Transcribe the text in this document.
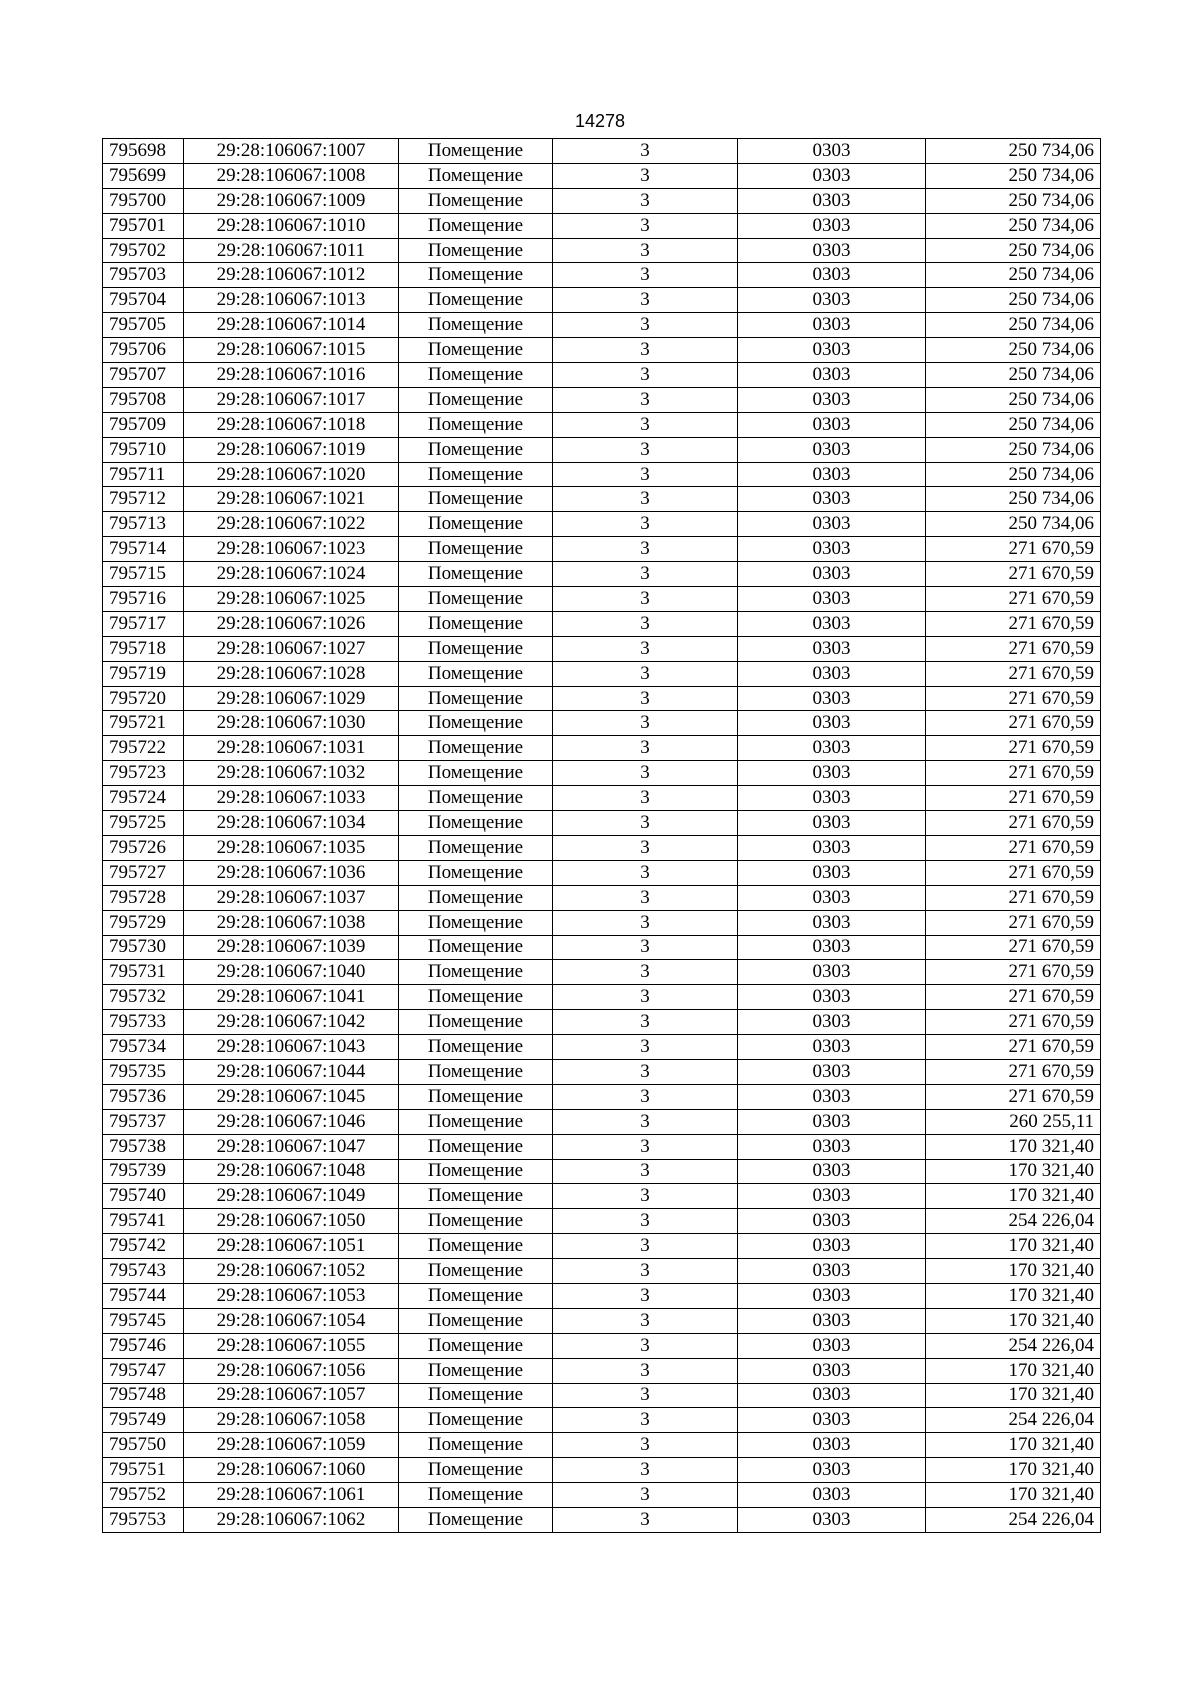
14278
795698	29:28:106067:1007	Помещение	3	0303	250 734,06
795699	29:28:106067:1008	Помещение	3	0303	250 734,06
795700	29:28:106067:1009	Помещение	3	0303	250 734,06
795701	29:28:106067:1010	Помещение	3	0303	250 734,06
795702	29:28:106067:1011	Помещение	3	0303	250 734,06
795703	29:28:106067:1012	Помещение	3	0303	250 734,06
795704	29:28:106067:1013	Помещение	3	0303	250 734,06
795705	29:28:106067:1014	Помещение	3	0303	250 734,06
795706	29:28:106067:1015	Помещение	3	0303	250 734,06
795707	29:28:106067:1016	Помещение	3	0303	250 734,06
795708	29:28:106067:1017	Помещение	3	0303	250 734,06
795709	29:28:106067:1018	Помещение	3	0303	250 734,06
795710	29:28:106067:1019	Помещение	3	0303	250 734,06
795711	29:28:106067:1020	Помещение	3	0303	250 734,06
795712	29:28:106067:1021	Помещение	3	0303	250 734,06
795713	29:28:106067:1022	Помещение	3	0303	250 734,06
795714	29:28:106067:1023	Помещение	3	0303	271 670,59
795715	29:28:106067:1024	Помещение	3	0303	271 670,59
795716	29:28:106067:1025	Помещение	3	0303	271 670,59
795717	29:28:106067:1026	Помещение	3	0303	271 670,59
795718	29:28:106067:1027	Помещение	3	0303	271 670,59
795719	29:28:106067:1028	Помещение	3	0303	271 670,59
795720	29:28:106067:1029	Помещение	3	0303	271 670,59
795721	29:28:106067:1030	Помещение	3	0303	271 670,59
795722	29:28:106067:1031	Помещение	3	0303	271 670,59
795723	29:28:106067:1032	Помещение	3	0303	271 670,59
795724	29:28:106067:1033	Помещение	3	0303	271 670,59
795725	29:28:106067:1034	Помещение	3	0303	271 670,59
795726	29:28:106067:1035	Помещение	3	0303	271 670,59
795727	29:28:106067:1036	Помещение	3	0303	271 670,59
795728	29:28:106067:1037	Помещение	3	0303	271 670,59
795729	29:28:106067:1038	Помещение	3	0303	271 670,59
795730	29:28:106067:1039	Помещение	3	0303	271 670,59
795731	29:28:106067:1040	Помещение	3	0303	271 670,59
795732	29:28:106067:1041	Помещение	3	0303	271 670,59
795733	29:28:106067:1042	Помещение	3	0303	271 670,59
795734	29:28:106067:1043	Помещение	3	0303	271 670,59
795735	29:28:106067:1044	Помещение	3	0303	271 670,59
795736	29:28:106067:1045	Помещение	3	0303	271 670,59
795737	29:28:106067:1046	Помещение	3	0303	260 255,11
795738	29:28:106067:1047	Помещение	3	0303	170 321,40
795739	29:28:106067:1048	Помещение	3	0303	170 321,40
795740	29:28:106067:1049	Помещение	3	0303	170 321,40
795741	29:28:106067:1050	Помещение	3	0303	254 226,04
795742	29:28:106067:1051	Помещение	3	0303	170 321,40
795743	29:28:106067:1052	Помещение	3	0303	170 321,40
795744	29:28:106067:1053	Помещение	3	0303	170 321,40
795745	29:28:106067:1054	Помещение	3	0303	170 321,40
795746	29:28:106067:1055	Помещение	3	0303	254 226,04
795747	29:28:106067:1056	Помещение	3	0303	170 321,40
795748	29:28:106067:1057	Помещение	3	0303	170 321,40
795749	29:28:106067:1058	Помещение	3	0303	254 226,04
795750	29:28:106067:1059	Помещение	3	0303	170 321,40
795751	29:28:106067:1060	Помещение	3	0303	170 321,40
795752	29:28:106067:1061	Помещение	3	0303	170 321,40
795753	29:28:106067:1062	Помещение	3	0303	254 226,04
